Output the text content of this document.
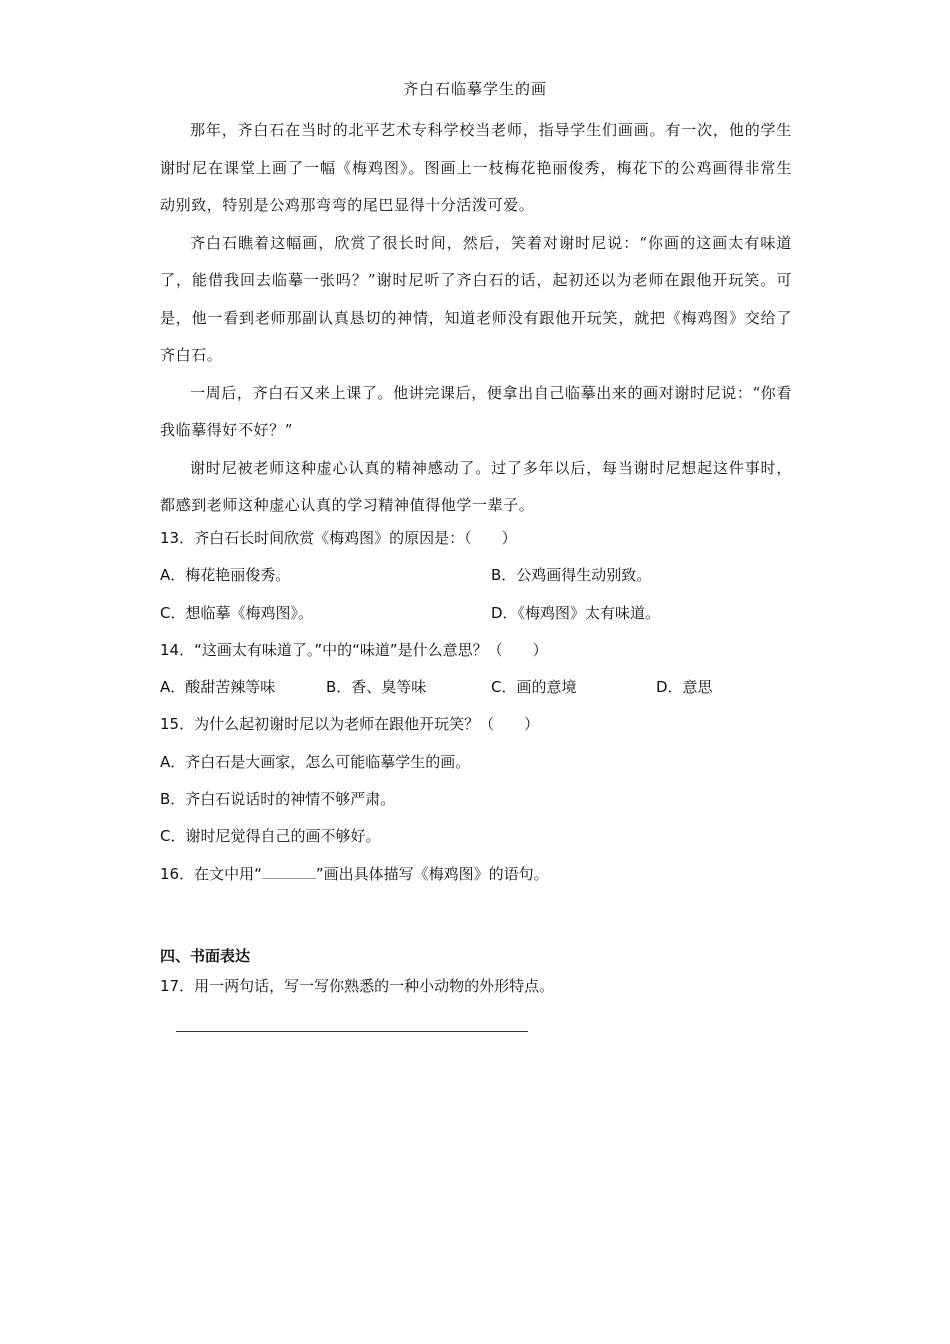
齐白石临摹学生的画

那年，齐白石在当时的北平艺术专科学校当老师，指导学生们画画。有一次，他的学生谢时尼在课堂上画了一幅《梅鸡图》。图画上一枝梅花艳丽俊秀，梅花下的公鸡画得非常生动别致，特别是公鸡那弯弯的尾巴显得十分活泼可爱。

齐白石瞧着这幅画，欣赏了很长时间，然后，笑着对谢时尼说：“你画的这画太有味道了，能借我回去临摹一张吗？”谢时尼听了齐白石的话，起初还以为老师在跟他开玩笑。可是，他一看到老师那副认真恳切的神情，知道老师没有跟他开玩笑，就把《梅鸡图》交给了齐白石。

一周后，齐白石又来上课了。他讲完课后，便拿出自己临摹出来的画对谢时尼说：“你看我临摹得好不好？”

谢时尼被老师这种虚心认真的精神感动了。过了多年以后，每当谢时尼想起这件事时，都感到老师这种虚心认真的学习精神值得他学一辈子。

13．齐白石长时间欣赏《梅鸡图》的原因是：（　　）
A．梅花艳丽俊秀。	B．公鸡画得生动别致。
C．想临摹《梅鸡图》。	D．《梅鸡图》太有味道。
14．“这画太有味道了。”中的“味道”是什么意思？（　　）
A．酸甜苦辣等味	B．香、臭等味	C．画的意境	D．意思
15．为什么起初谢时尼以为老师在跟他开玩笑？（　　）
A．齐白石是大画家，怎么可能临摹学生的画。
B．齐白石说话时的神情不够严肃。
C．谢时尼觉得自己的画不够好。
16．在文中用“	”画出具体描写《梅鸡图》的语句。
四、书面表达
17．用一两句话，写一写你熟悉的一种小动物的外形特点。
